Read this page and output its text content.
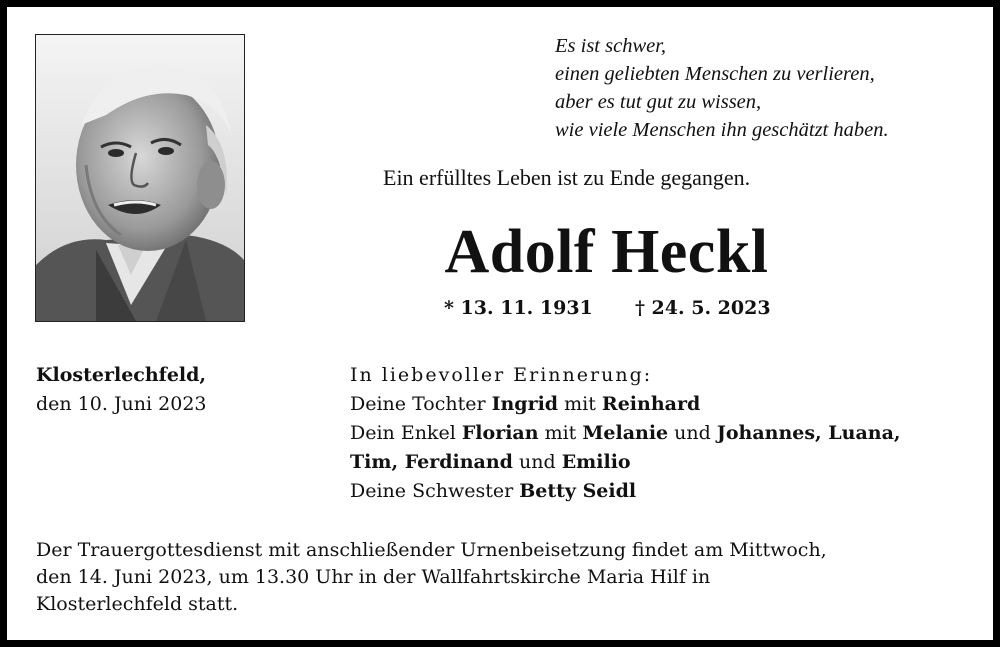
Es ist schwer,
einen geliebten Menschen zu verlieren,
aber es tut gut zu wissen,
wie viele Menschen ihn geschätzt haben.
Ein erfülltes Leben ist zu Ende gegangen.
Adolf Heckl
* 13. 11. 1931 † 24. 5. 2023
Klosterlechfeld,
den 10. Juni 2023
In liebevoller Erinnerung:
Deine Tochter Ingrid mit Reinhard
Dein Enkel Florian mit Melanie und Johannes, Luana,
Tim, Ferdinand und Emilio
Deine Schwester Betty Seidl
Der Trauergottesdienst mit anschließender Urnenbeisetzung findet am Mittwoch,
den 14. Juni 2023, um 13.30 Uhr in der Wallfahrtskirche Maria Hilf in
Klosterlechfeld statt.
